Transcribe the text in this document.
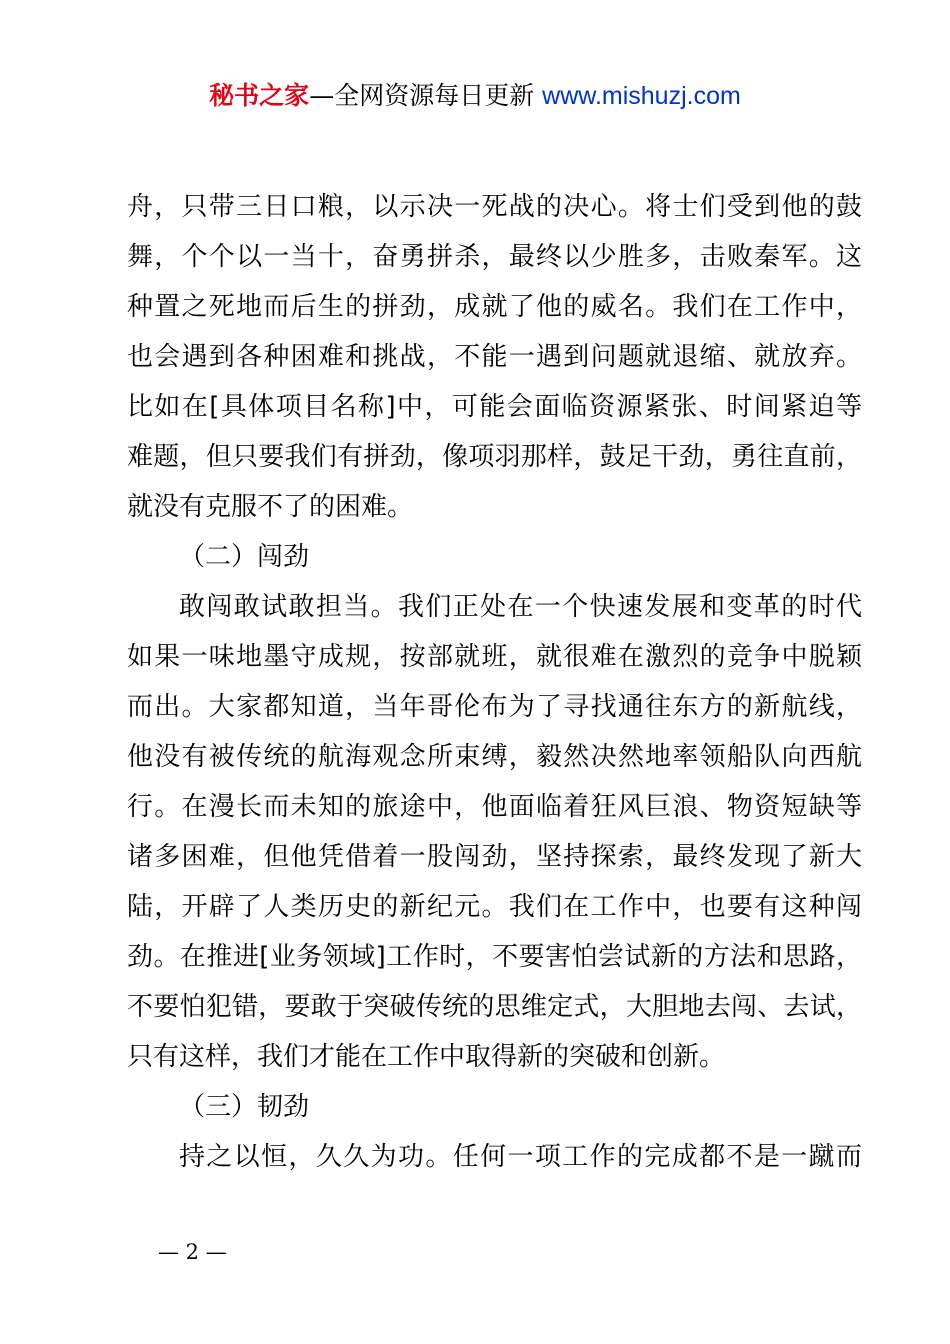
秘书之家—全网资源每日更新 www.mishuzj.com
舟，只带三日口粮，以示决一死战的决心。将士们受到他的鼓
舞，个个以一当十，奋勇拼杀，最终以少胜多，击败秦军。这
种置之死地而后生的拼劲，成就了他的威名。我们在工作中，
也会遇到各种困难和挑战，不能一遇到问题就退缩、就放弃。
比如在[具体项目名称]中，可能会面临资源紧张、时间紧迫等
难题，但只要我们有拼劲，像项羽那样，鼓足干劲，勇往直前，
就没有克服不了的困难。
（二）闯劲
敢闯敢试敢担当。我们正处在一个快速发展和变革的时代
如果一味地墨守成规，按部就班，就很难在激烈的竞争中脱颖
而出。大家都知道，当年哥伦布为了寻找通往东方的新航线，
他没有被传统的航海观念所束缚，毅然决然地率领船队向西航
行。在漫长而未知的旅途中，他面临着狂风巨浪、物资短缺等
诸多困难，但他凭借着一股闯劲，坚持探索，最终发现了新大
陆，开辟了人类历史的新纪元。我们在工作中，也要有这种闯
劲。在推进[业务领域]工作时，不要害怕尝试新的方法和思路，
不要怕犯错，要敢于突破传统的思维定式，大胆地去闯、去试，
只有这样，我们才能在工作中取得新的突破和创新。
（三）韧劲
持之以恒，久久为功。任何一项工作的完成都不是一蹴而
— 2 —
